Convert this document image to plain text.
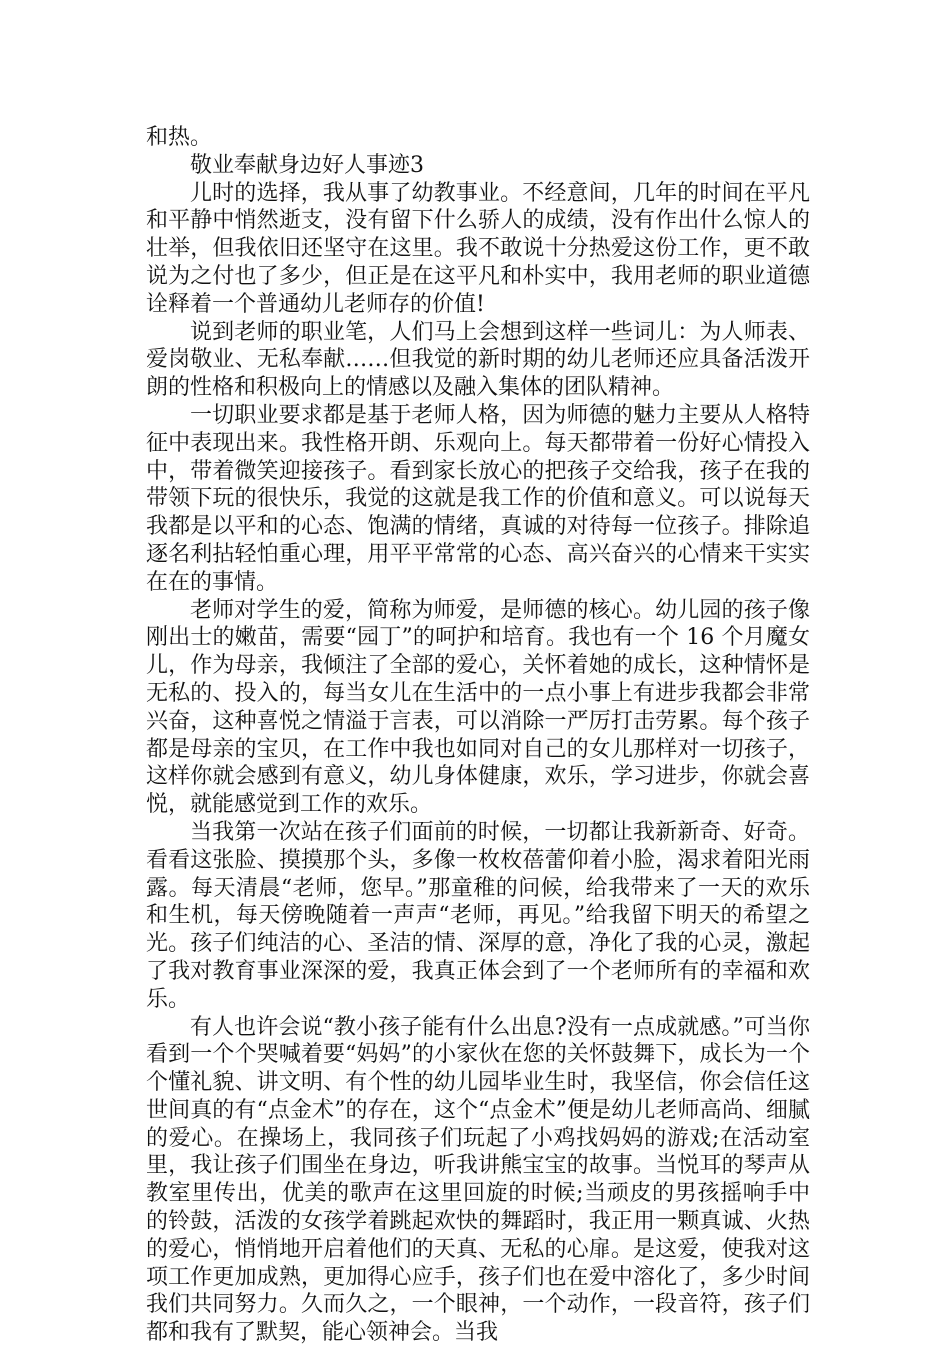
和热。

敬业奉献身边好人事迹3

儿时的选择，我从事了幼教事业。不经意间，几年的时间在平凡和平静中悄然逝支，没有留下什么骄人的成绩，没有作出什么惊人的壮举，但我依旧还坚守在这里。我不敢说十分热爱这份工作，更不敢说为之付也了多少，但正是在这平凡和朴实中，我用老师的职业道德诠释着一个普通幼儿老师存的价值!

说到老师的职业笔，人们马上会想到这样一些词儿：为人师表、爱岗敬业、无私奉献……但我觉的新时期的幼儿老师还应具备活泼开朗的性格和积极向上的情感以及融入集体的团队精神。

一切职业要求都是基于老师人格，因为师德的魅力主要从人格特征中表现出来。我性格开朗、乐观向上。每天都带着一份好心情投入中，带着微笑迎接孩子。看到家长放心的把孩子交给我，孩子在我的带领下玩的很快乐，我觉的这就是我工作的价值和意义。可以说每天我都是以平和的心态、饱满的情绪，真诚的对待每一位孩子。排除追逐名利拈轻怕重心理，用平平常常的心态、高兴奋兴的心情来干实实在在的事情。

老师对学生的爱，简称为师爱，是师德的核心。幼儿园的孩子像刚出士的嫩苗，需要“园丁”的呵护和培育。我也有一个 16 个月魔女儿，作为母亲，我倾注了全部的爱心，关怀着她的成长，这种情怀是无私的、投入的，每当女儿在生活中的一点小事上有进步我都会非常兴奋，这种喜悦之情溢于言表，可以消除一严厉打击劳累。每个孩子都是母亲的宝贝，在工作中我也如同对自己的女儿那样对一切孩子，这样你就会感到有意义，幼儿身体健康，欢乐，学习进步，你就会喜悦，就能感觉到工作的欢乐。

当我第一次站在孩子们面前的时候，一切都让我新新奇、好奇。看看这张脸、摸摸那个头，多像一枚枚蓓蕾仰着小脸，渴求着阳光雨露。每天清晨“老师，您早。”那童稚的问候，给我带来了一天的欢乐和生机，每天傍晚随着一声声“老师，再见。”给我留下明天的希望之光。孩子们纯洁的心、圣洁的情、深厚的意，净化了我的心灵，激起了我对教育事业深深的爱，我真正体会到了一个老师所有的幸福和欢乐。

有人也许会说“教小孩子能有什么出息?没有一点成就感。”可当你看到一个个哭喊着要“妈妈”的小家伙在您的关怀鼓舞下，成长为一个个懂礼貌、讲文明、有个性的幼儿园毕业生时，我坚信，你会信任这世间真的有“点金术”的存在，这个“点金术”便是幼儿老师高尚、细腻的爱心。在操场上，我同孩子们玩起了小鸡找妈妈的游戏;在活动室里，我让孩子们围坐在身边，听我讲熊宝宝的故事。当悦耳的琴声从教室里传出，优美的歌声在这里回旋的时候;当顽皮的男孩摇响手中的铃鼓，活泼的女孩学着跳起欢快的舞蹈时，我正用一颗真诚、火热的爱心，悄悄地开启着他们的天真、无私的心扉。是这爱，使我对这项工作更加成熟，更加得心应手，孩子们也在爱中溶化了，多少时间我们共同努力。久而久之，一个眼神，一个动作，一段音符，孩子们都和我有了默契，能心领神会。当我
